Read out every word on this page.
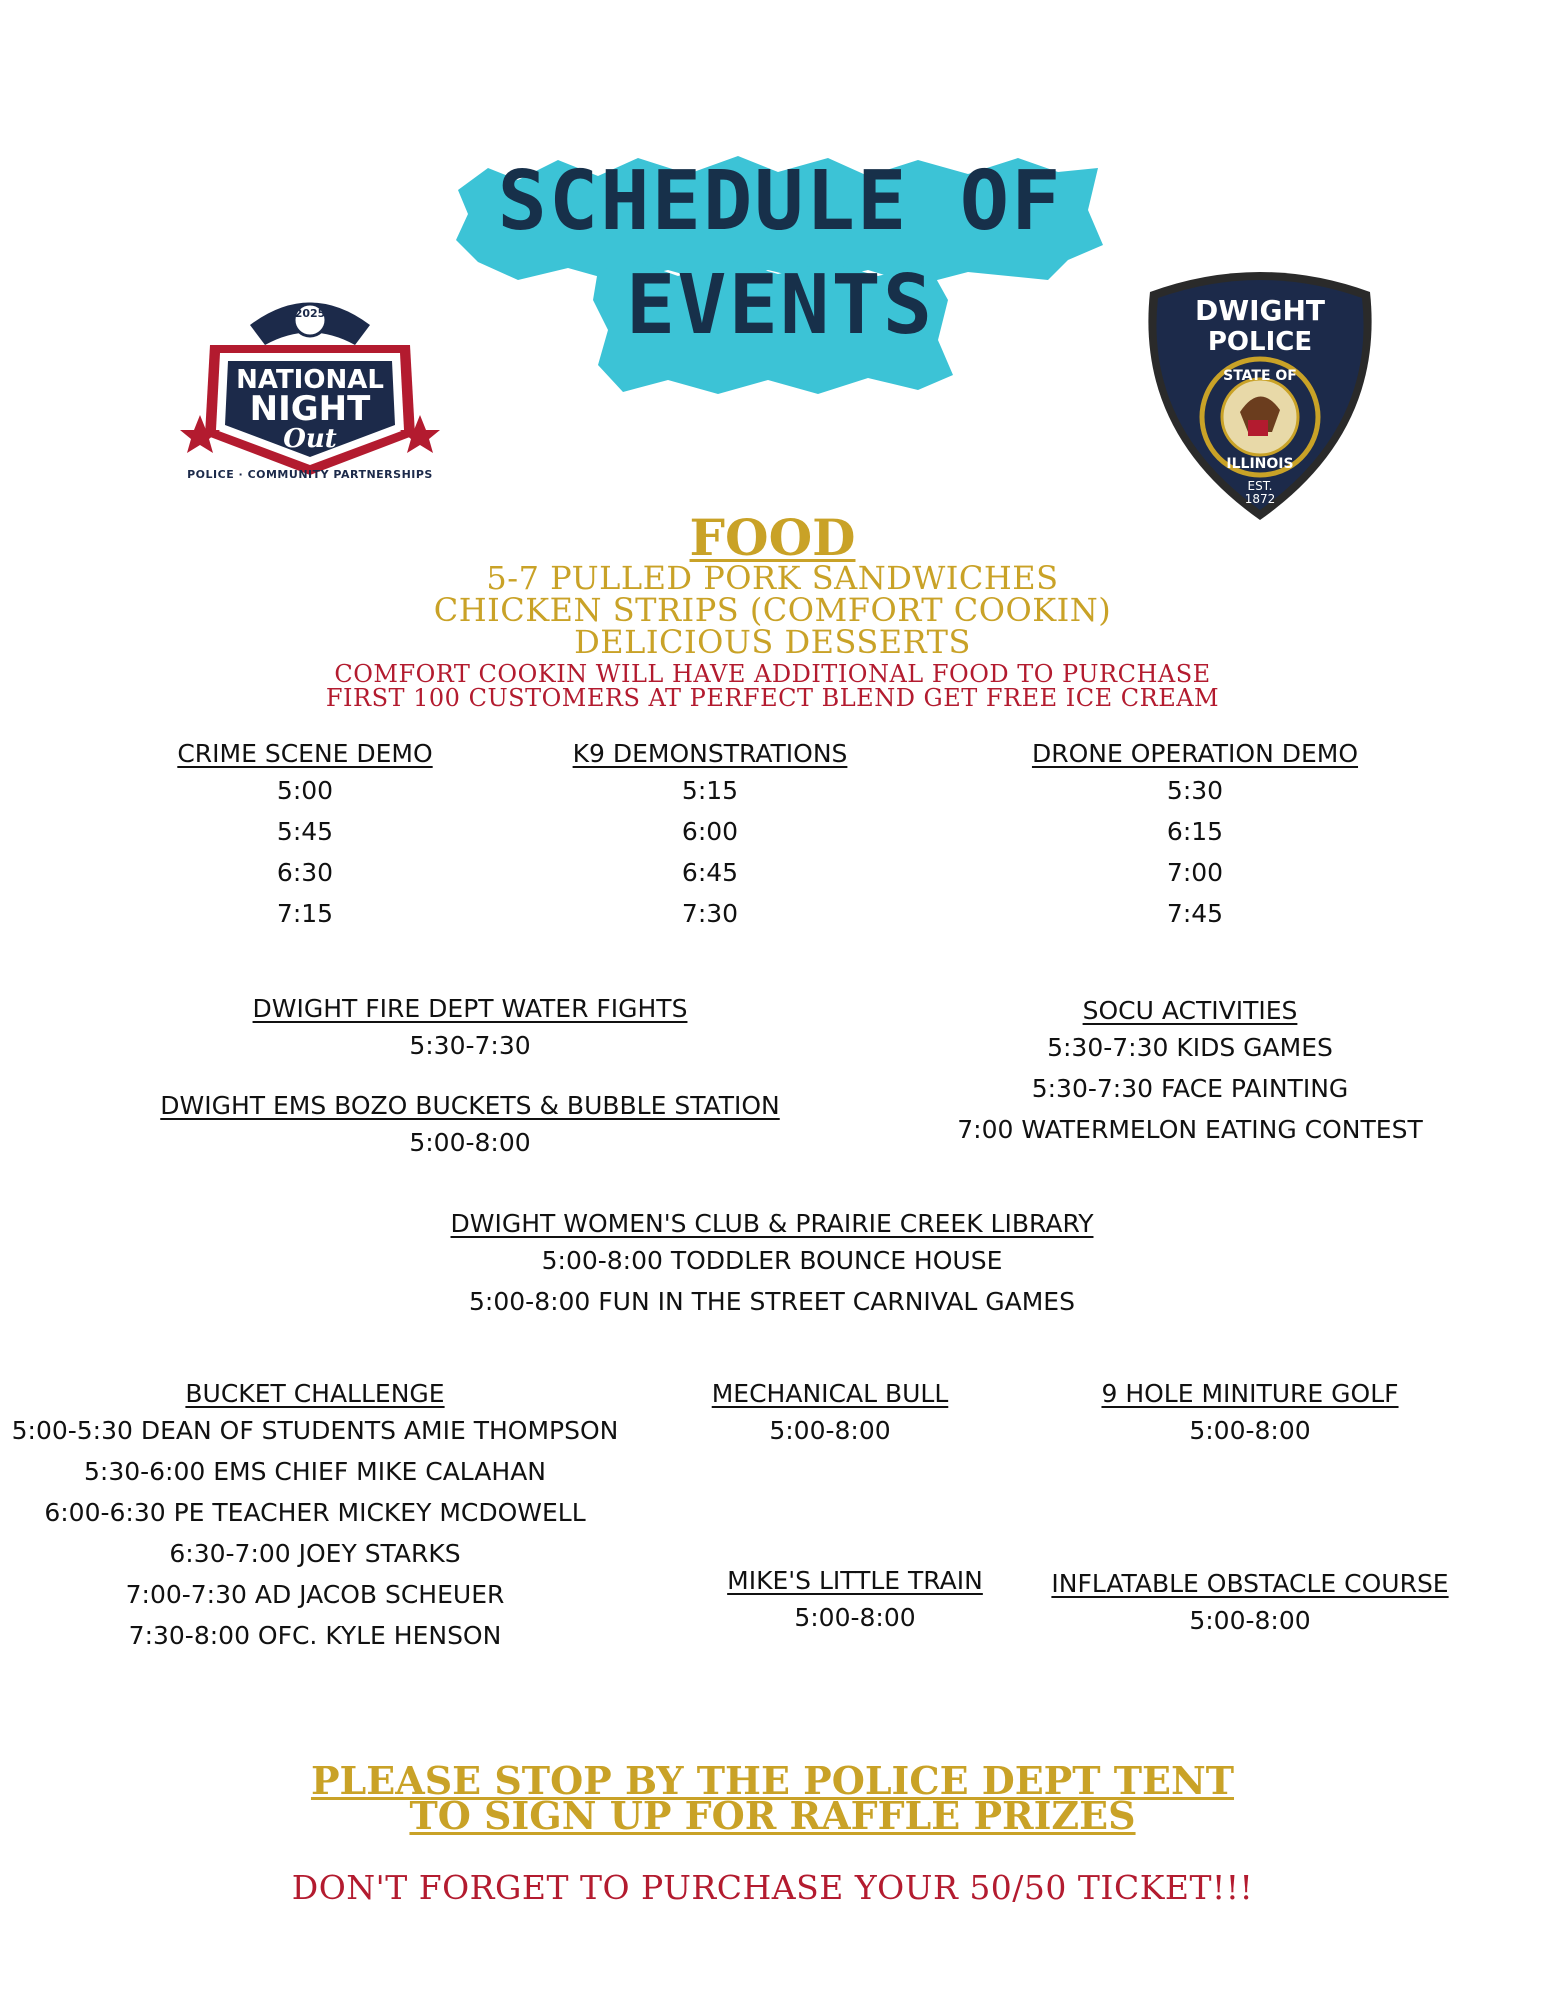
SCHEDULE OF
EVENTS
2025
NATIONAL
NIGHT
Out
POLICE · COMMUNITY PARTNERSHIPS
DWIGHT
POLICE
STATE OF
ILLINOIS
EST.
1872
FOOD
5-7 PULLED PORK SANDWICHES
CHICKEN STRIPS (COMFORT COOKIN)
DELICIOUS DESSERTS
COMFORT COOKIN WILL HAVE ADDITIONAL FOOD TO PURCHASE
FIRST 100 CUSTOMERS AT PERFECT BLEND GET FREE ICE CREAM
CRIME SCENE DEMO
5:00
5:45
6:30
7:15
K9 DEMONSTRATIONS
5:15
6:00
6:45
7:30
DRONE OPERATION DEMO
5:30
6:15
7:00
7:45
DWIGHT FIRE DEPT WATER FIGHTS
5:30-7:30
DWIGHT EMS BOZO BUCKETS & BUBBLE STATION
5:00-8:00
SOCU ACTIVITIES
5:30-7:30 KIDS GAMES
5:30-7:30 FACE PAINTING
7:00 WATERMELON EATING CONTEST
DWIGHT WOMEN'S CLUB & PRAIRIE CREEK LIBRARY
5:00-8:00 TODDLER BOUNCE HOUSE
5:00-8:00 FUN IN THE STREET CARNIVAL GAMES
BUCKET CHALLENGE
5:00-5:30 DEAN OF STUDENTS AMIE THOMPSON
5:30-6:00 EMS CHIEF MIKE CALAHAN
6:00-6:30 PE TEACHER MICKEY MCDOWELL
6:30-7:00 JOEY STARKS
7:00-7:30 AD JACOB SCHEUER
7:30-8:00 OFC. KYLE HENSON
MECHANICAL BULL
5:00-8:00
9 HOLE MINITURE GOLF
5:00-8:00
MIKE'S LITTLE TRAIN
5:00-8:00
INFLATABLE OBSTACLE COURSE
5:00-8:00
PLEASE STOP BY THE POLICE DEPT TENT
TO SIGN UP FOR RAFFLE PRIZES
DON'T FORGET TO PURCHASE YOUR 50/50 TICKET!!!
